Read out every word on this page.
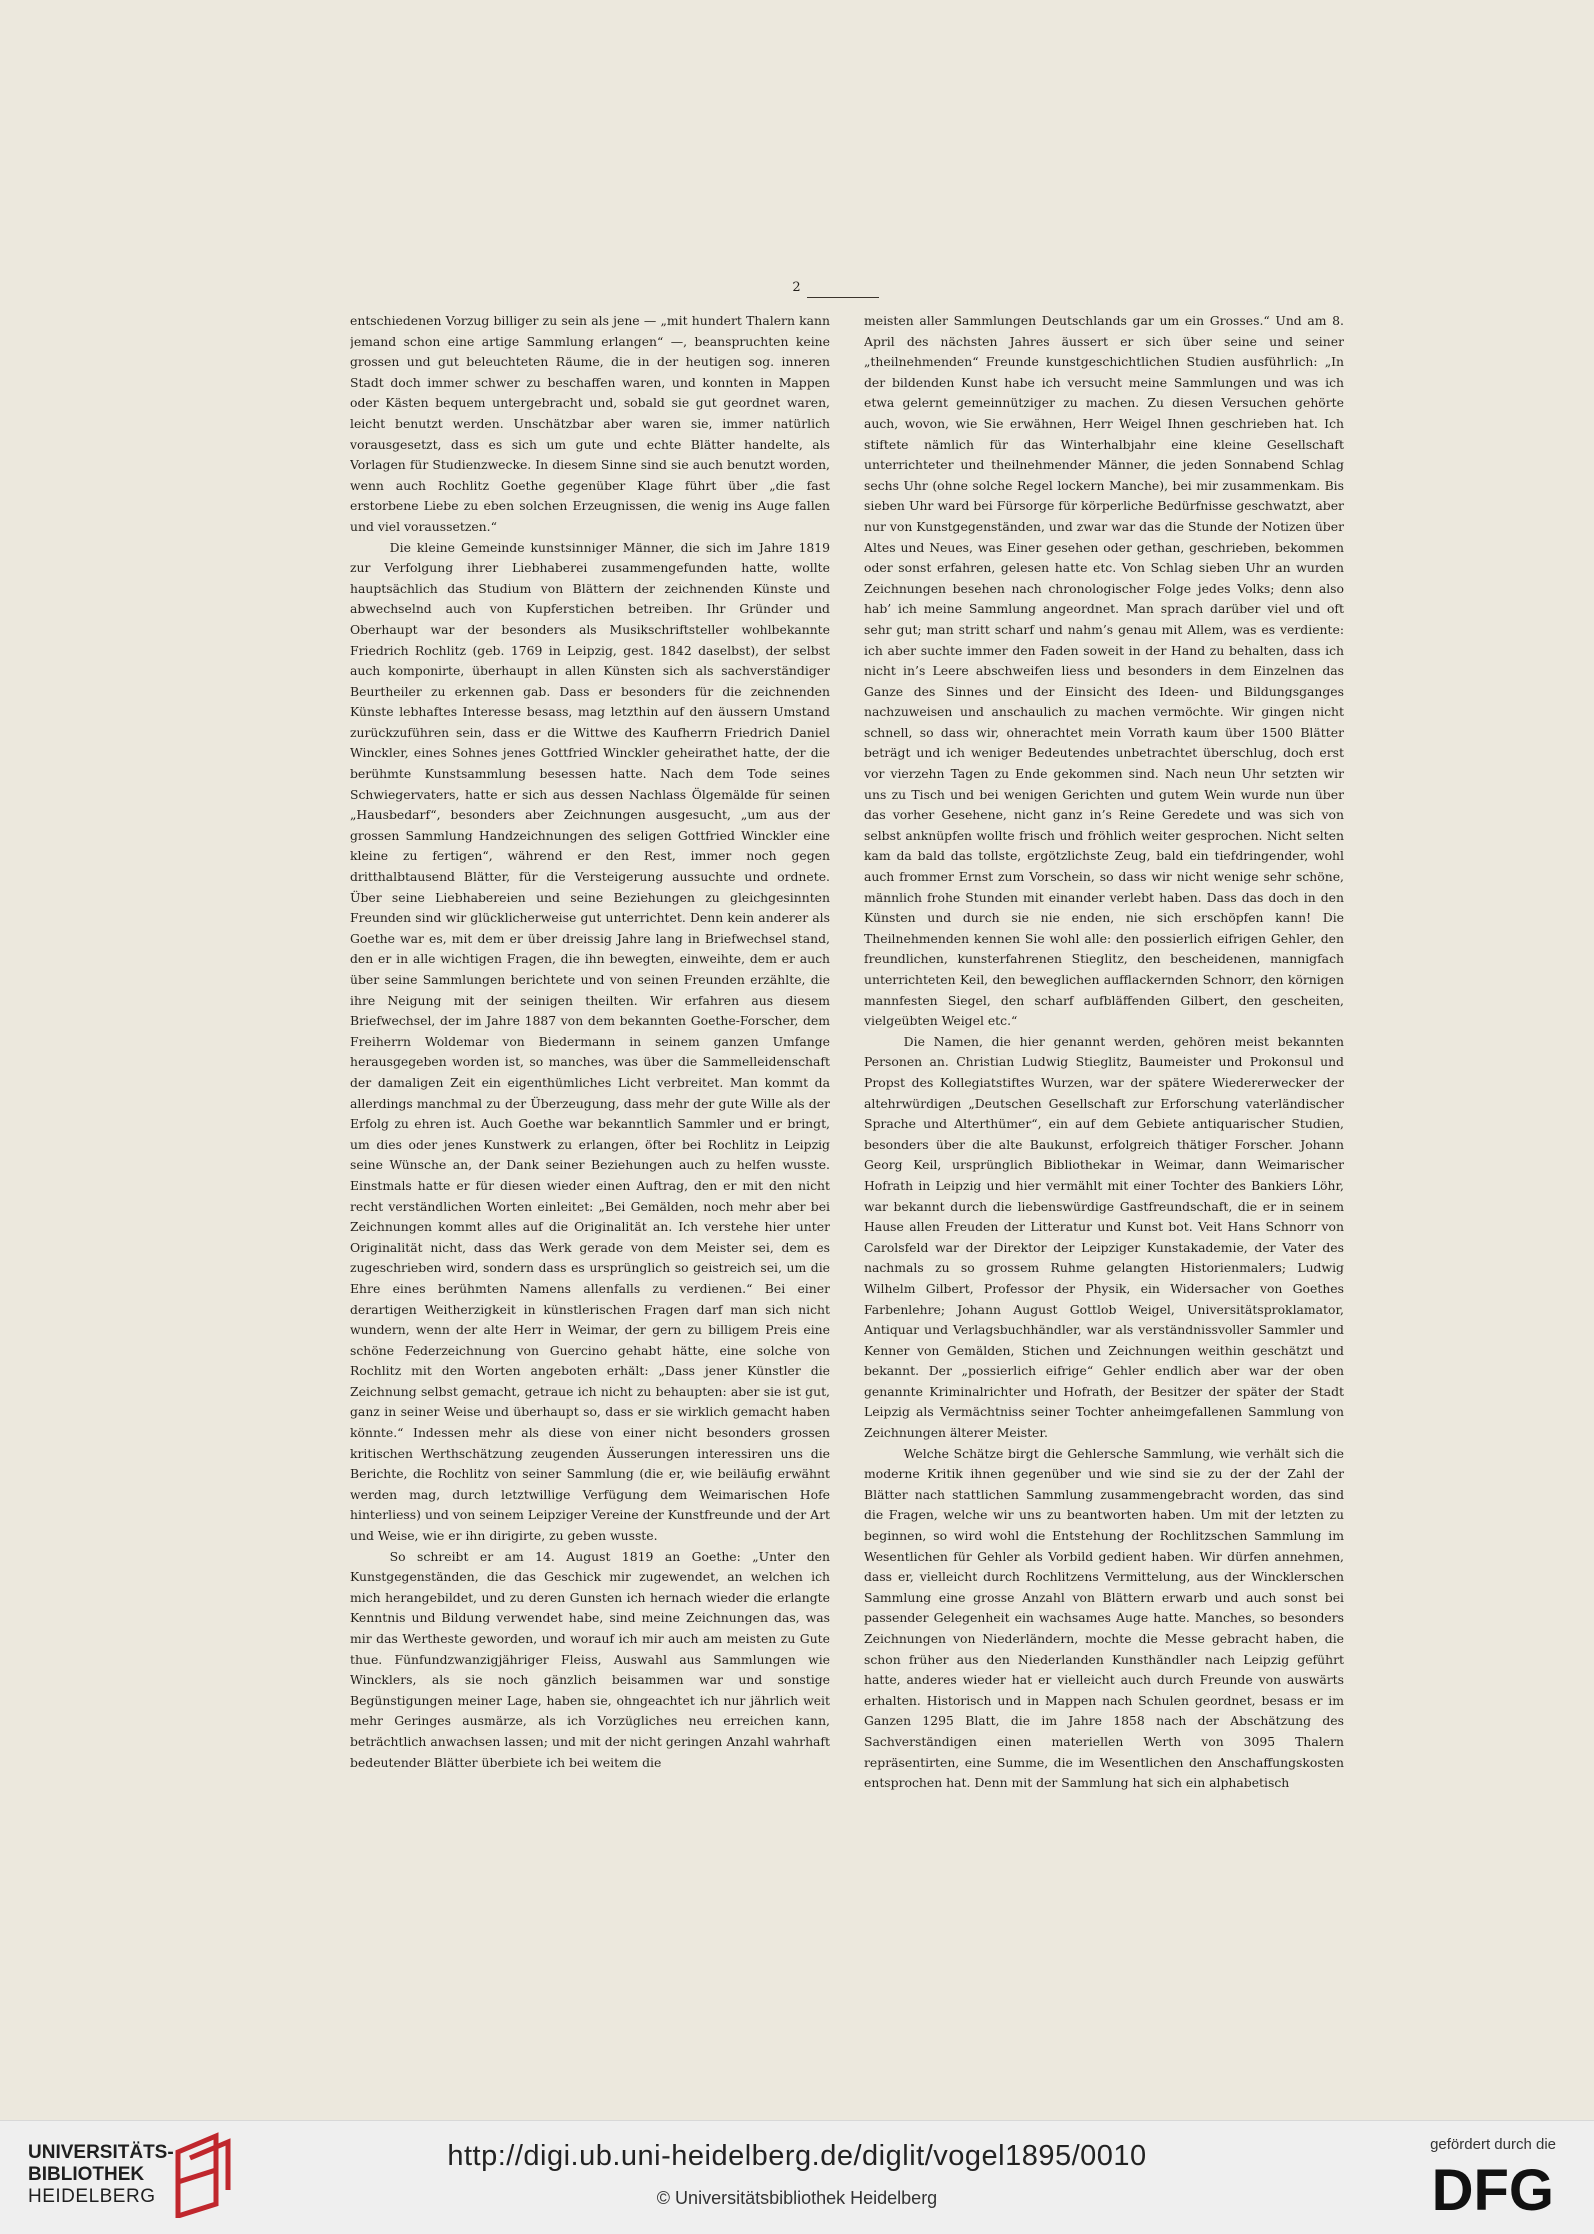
2

entschiedenen Vorzug billiger zu sein als jene — „mit hundert Thalern kann jemand schon eine artige Sammlung erlangen“ —, beanspruchten keine grossen und gut beleuchteten Räume, die in der heutigen sog. inneren Stadt doch immer schwer zu beschaffen waren, und konnten in Mappen oder Kästen bequem untergebracht und, sobald sie gut geordnet waren, leicht benutzt werden. Unschätzbar aber waren sie, immer natürlich vorausgesetzt, dass es sich um gute und echte Blätter handelte, als Vorlagen für Studienzwecke. In diesem Sinne sind sie auch benutzt worden, wenn auch Rochlitz Goethe gegenüber Klage führt über „die fast erstorbene Liebe zu eben solchen Erzeugnissen, die wenig ins Auge fallen und viel voraussetzen.“

Die kleine Gemeinde kunstsinniger Männer, die sich im Jahre 1819 zur Verfolgung ihrer Liebhaberei zusammengefunden hatte, wollte hauptsächlich das Studium von Blättern der zeichnenden Künste und abwechselnd auch von Kupferstichen betreiben. Ihr Gründer und Oberhaupt war der besonders als Musikschriftsteller wohlbekannte Friedrich Rochlitz (geb. 1769 in Leipzig, gest. 1842 daselbst), der selbst auch komponirte, überhaupt in allen Künsten sich als sachverständiger Beurtheiler zu erkennen gab. Dass er besonders für die zeichnenden Künste lebhaftes Interesse besass, mag letzthin auf den äussern Umstand zurückzuführen sein, dass er die Wittwe des Kaufherrn Friedrich Daniel Winckler, eines Sohnes jenes Gottfried Winckler geheirathet hatte, der die berühmte Kunstsammlung besessen hatte. Nach dem Tode seines Schwiegervaters, hatte er sich aus dessen Nachlass Ölgemälde für seinen „Hausbedarf“, besonders aber Zeichnungen ausgesucht, „um aus der grossen Sammlung Handzeichnungen des seligen Gottfried Winckler eine kleine zu fertigen“, während er den Rest, immer noch gegen dritthalbtausend Blätter, für die Versteigerung aussuchte und ordnete. Über seine Liebhabereien und seine Beziehungen zu gleichgesinnten Freunden sind wir glücklicherweise gut unterrichtet. Denn kein anderer als Goethe war es, mit dem er über dreissig Jahre lang in Briefwechsel stand, den er in alle wichtigen Fragen, die ihn bewegten, einweihte, dem er auch über seine Sammlungen berichtete und von seinen Freunden erzählte, die ihre Neigung mit der seinigen theilten. Wir erfahren aus diesem Briefwechsel, der im Jahre 1887 von dem bekannten Goethe-Forscher, dem Freiherrn Woldemar von Biedermann in seinem ganzen Umfange herausgegeben worden ist, so manches, was über die Sammelleidenschaft der damaligen Zeit ein eigenthümliches Licht verbreitet. Man kommt da allerdings manchmal zu der Überzeugung, dass mehr der gute Wille als der Erfolg zu ehren ist. Auch Goethe war bekanntlich Sammler und er bringt, um dies oder jenes Kunstwerk zu erlangen, öfter bei Rochlitz in Leipzig seine Wünsche an, der Dank seiner Beziehungen auch zu helfen wusste. Einstmals hatte er für diesen wieder einen Auftrag, den er mit den nicht recht verständlichen Worten einleitet: „Bei Gemälden, noch mehr aber bei Zeichnungen kommt alles auf die Originalität an. Ich verstehe hier unter Originalität nicht, dass das Werk gerade von dem Meister sei, dem es zugeschrieben wird, sondern dass es ursprünglich so geistreich sei, um die Ehre eines berühmten Namens allenfalls zu verdienen.“ Bei einer derartigen Weitherzigkeit in künstlerischen Fragen darf man sich nicht wundern, wenn der alte Herr in Weimar, der gern zu billigem Preis eine schöne Federzeichnung von Guercino gehabt hätte, eine solche von Rochlitz mit den Worten angeboten erhält: „Dass jener Künstler die Zeichnung selbst gemacht, getraue ich nicht zu behaupten: aber sie ist gut, ganz in seiner Weise und überhaupt so, dass er sie wirklich gemacht haben könnte.“ Indessen mehr als diese von einer nicht besonders grossen kritischen Werthschätzung zeugenden Äusserungen interessiren uns die Berichte, die Rochlitz von seiner Sammlung (die er, wie beiläufig erwähnt werden mag, durch letztwillige Verfügung dem Weimarischen Hofe hinterliess) und von seinem Leipziger Vereine der Kunstfreunde und der Art und Weise, wie er ihn dirigirte, zu geben wusste.

So schreibt er am 14. August 1819 an Goethe: „Unter den Kunstgegenständen, die das Geschick mir zugewendet, an welchen ich mich herangebildet, und zu deren Gunsten ich hernach wieder die erlangte Kenntnis und Bildung verwendet habe, sind meine Zeichnungen das, was mir das Wertheste geworden, und worauf ich mir auch am meisten zu Gute thue. Fünfundzwanzigjähriger Fleiss, Auswahl aus Sammlungen wie Wincklers, als sie noch gänzlich beisammen war und sonstige Begünstigungen meiner Lage, haben sie, ohngeachtet ich nur jährlich weit mehr Geringes ausmärze, als ich Vorzügliches neu erreichen kann, beträchtlich anwachsen lassen; und mit der nicht geringen Anzahl wahrhaft bedeutender Blätter überbiete ich bei weitem die

meisten aller Sammlungen Deutschlands gar um ein Grosses.“ Und am 8. April des nächsten Jahres äussert er sich über seine und seiner „theilnehmenden“ Freunde kunstgeschichtlichen Studien ausführlich: „In der bildenden Kunst habe ich versucht meine Sammlungen und was ich etwa gelernt gemeinnütziger zu machen. Zu diesen Versuchen gehörte auch, wovon, wie Sie erwähnen, Herr Weigel Ihnen geschrieben hat. Ich stiftete nämlich für das Winterhalbjahr eine kleine Gesellschaft unterrichteter und theilnehmender Männer, die jeden Sonnabend Schlag sechs Uhr (ohne solche Regel lockern Manche), bei mir zusammenkam. Bis sieben Uhr ward bei Fürsorge für körperliche Bedürfnisse geschwatzt, aber nur von Kunstgegenständen, und zwar war das die Stunde der Notizen über Altes und Neues, was Einer gesehen oder gethan, geschrieben, bekommen oder sonst erfahren, gelesen hatte etc. Von Schlag sieben Uhr an wurden Zeichnungen besehen nach chronologischer Folge jedes Volks; denn also hab’ ich meine Sammlung angeordnet. Man sprach darüber viel und oft sehr gut; man stritt scharf und nahm’s genau mit Allem, was es verdiente: ich aber suchte immer den Faden soweit in der Hand zu behalten, dass ich nicht in’s Leere abschweifen liess und besonders in dem Einzelnen das Ganze des Sinnes und der Einsicht des Ideen- und Bildungsganges nachzuweisen und anschaulich zu machen vermöchte. Wir gingen nicht schnell, so dass wir, ohnerachtet mein Vorrath kaum über 1500 Blätter beträgt und ich weniger Bedeutendes unbetrachtet überschlug, doch erst vor vierzehn Tagen zu Ende gekommen sind. Nach neun Uhr setzten wir uns zu Tisch und bei wenigen Gerichten und gutem Wein wurde nun über das vorher Gesehene, nicht ganz in’s Reine Geredete und was sich von selbst anknüpfen wollte frisch und fröhlich weiter gesprochen. Nicht selten kam da bald das tollste, ergötzlichste Zeug, bald ein tiefdringender, wohl auch frommer Ernst zum Vorschein, so dass wir nicht wenige sehr schöne, männlich frohe Stunden mit einander verlebt haben. Dass das doch in den Künsten und durch sie nie enden, nie sich erschöpfen kann! Die Theilnehmenden kennen Sie wohl alle: den possierlich eifrigen Gehler, den freundlichen, kunsterfahrenen Stieglitz, den bescheidenen, mannigfach unterrichteten Keil, den beweglichen aufflackernden Schnorr, den körnigen mannfesten Siegel, den scharf aufbläffenden Gilbert, den gescheiten, vielgeübten Weigel etc.“

Die Namen, die hier genannt werden, gehören meist bekannten Personen an. Christian Ludwig Stieglitz, Baumeister und Prokonsul und Propst des Kollegiatstiftes Wurzen, war der spätere Wiedererwecker der altehrwürdigen „Deutschen Gesellschaft zur Erforschung vaterländischer Sprache und Alterthümer“, ein auf dem Gebiete antiquarischer Studien, besonders über die alte Baukunst, erfolgreich thätiger Forscher. Johann Georg Keil, ursprünglich Bibliothekar in Weimar, dann Weimarischer Hofrath in Leipzig und hier vermählt mit einer Tochter des Bankiers Löhr, war bekannt durch die liebenswürdige Gastfreundschaft, die er in seinem Hause allen Freuden der Litteratur und Kunst bot. Veit Hans Schnorr von Carolsfeld war der Direktor der Leipziger Kunstakademie, der Vater des nachmals zu so grossem Ruhme gelangten Historienmalers; Ludwig Wilhelm Gilbert, Professor der Physik, ein Widersacher von Goethes Farbenlehre; Johann August Gottlob Weigel, Universitätsproklamator, Antiquar und Verlagsbuchhändler, war als verständnissvoller Sammler und Kenner von Gemälden, Stichen und Zeichnungen weithin geschätzt und bekannt. Der „possierlich eifrige“ Gehler endlich aber war der oben genannte Kriminalrichter und Hofrath, der Besitzer der später der Stadt Leipzig als Vermächtniss seiner Tochter anheimgefallenen Sammlung von Zeichnungen älterer Meister.

Welche Schätze birgt die Gehlersche Sammlung, wie verhält sich die moderne Kritik ihnen gegenüber und wie sind sie zu der der Zahl der Blätter nach stattlichen Sammlung zusammengebracht worden, das sind die Fragen, welche wir uns zu beantworten haben. Um mit der letzten zu beginnen, so wird wohl die Entstehung der Rochlitzschen Sammlung im Wesentlichen für Gehler als Vorbild gedient haben. Wir dürfen annehmen, dass er, vielleicht durch Rochlitzens Vermittelung, aus der Wincklerschen Sammlung eine grosse Anzahl von Blättern erwarb und auch sonst bei passender Gelegenheit ein wachsames Auge hatte. Manches, so besonders Zeichnungen von Niederländern, mochte die Messe gebracht haben, die schon früher aus den Niederlanden Kunsthändler nach Leipzig geführt hatte, anderes wieder hat er vielleicht auch durch Freunde von auswärts erhalten. Historisch und in Mappen nach Schulen geordnet, besass er im Ganzen 1295 Blatt, die im Jahre 1858 nach der Abschätzung des Sachverständigen einen materiellen Werth von 3095 Thalern repräsentirten, eine Summe, die im Wesentlichen den Anschaffungskosten entsprochen hat. Denn mit der Sammlung hat sich ein alphabetisch

UNIVERSITÄTS-
BIBLIOTHEK
HEIDELBERG
http://digi.ub.uni-heidelberg.de/diglit/vogel1895/0010
© Universitätsbibliothek Heidelberg
gefördert durch die
DFG
